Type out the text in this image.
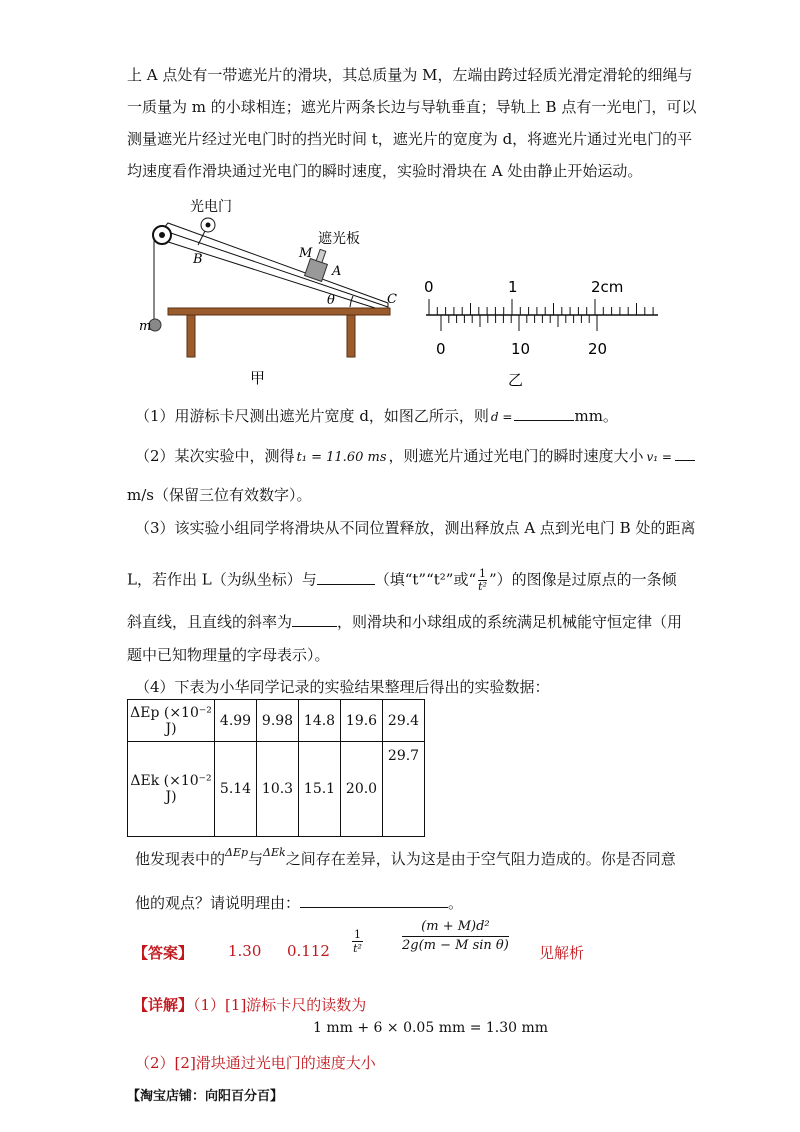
上 A 点处有一带遮光片的滑块，其总质量为 M，左端由跨过轻质光滑定滑轮的细绳与
一质量为 m 的小球相连；遮光片两条长边与导轨垂直；导轨上 B 点有一光电门，可以
测量遮光片经过光电门时的挡光时间 t，遮光片的宽度为 d，将遮光片通过光电门的平
均速度看作滑块通过光电门的瞬时速度，实验时滑块在 A 处由静止开始运动。
光电门
遮光板
M
A
B
C
θ
m
甲
0	1	2cm
0	10	20
乙
（1）用游标卡尺测出遮光片宽度 d，如图乙所示，则 d =	mm。
（2）某次实验中，测得 t₁ = 11.60 ms ，则遮光片通过光电门的瞬时速度大小 v₁ =
m/s（保留三位有效数字）。
（3）该实验小组同学将滑块从不同位置释放，测出释放点 A 点到光电门 B 处的距离
L，若作出 L（为纵坐标）与	（填“t”“t²”或“ $\frac{1}{\text{t²}}$ ”）的图像是过原点的一条倾
斜直线，且直线的斜率为	，则滑块和小球组成的系统满足机械能守恒定律（用
题中已知物理量的字母表示）。
（4）下表为小华同学记录的实验结果整理后得出的实验数据：
ΔEp (×10⁻² J)	4.99	9.98	14.8	19.6	29.4
ΔEk (×10⁻² J)	5.14	10.3	15.1	20.0	29.7
他发现表中的ΔEp与ΔEk之间存在差异，认为这是由于空气阻力造成的。你是否同意
他的观点？请说明理由：	。
【答案】 1.30 0.112
1
t²
(m + M)d²
2g(m − M sin θ) 见解析
【详解】（1）[1]游标卡尺的读数为
1 mm + 6 × 0.05 mm = 1.30 mm
（2）[2]滑块通过光电门的速度大小
【淘宝店铺：向阳百分百】
